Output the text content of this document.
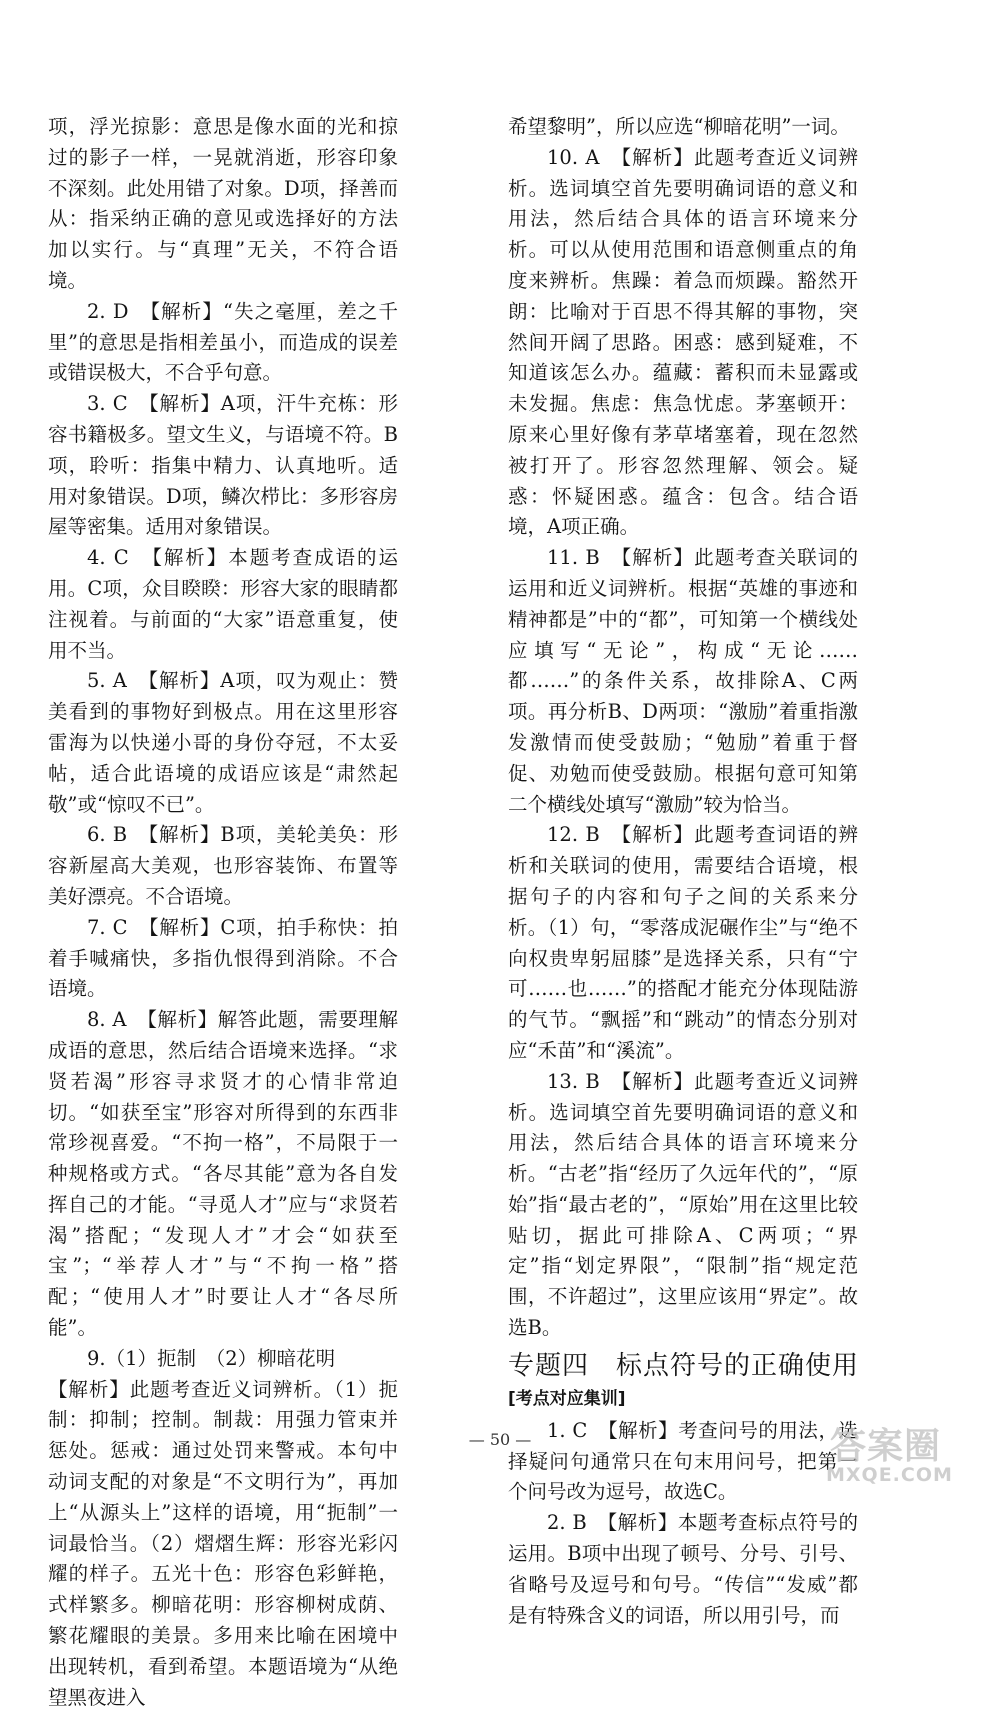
项，浮光掠影：意思是像水面的光和掠过的影子一样，一晃就消逝，形容印象不深刻。此处用错了对象。D项，择善而从：指采纳正确的意见或选择好的方法加以实行。与“真理”无关，不符合语境。

2. D　【解析】“失之毫厘，差之千里”的意思是指相差虽小，而造成的误差或错误极大，不合乎句意。

3. C　【解析】A项，汗牛充栋：形容书籍极多。望文生义，与语境不符。B项，聆听：指集中精力、认真地听。适用对象错误。D项，鳞次栉比：多形容房屋等密集。适用对象错误。

4. C　【解析】本题考查成语的运用。C项，众目睽睽：形容大家的眼睛都注视着。与前面的“大家”语意重复，使用不当。

5. A　【解析】A项，叹为观止：赞美看到的事物好到极点。用在这里形容雷海为以快递小哥的身份夺冠，不太妥帖，适合此语境的成语应该是“肃然起敬”或“惊叹不已”。

6. B　【解析】B项，美轮美奂：形容新屋高大美观，也形容装饰、布置等美好漂亮。不合语境。

7. C　【解析】C项，拍手称快：拍着手喊痛快，多指仇恨得到消除。不合语境。

8. A　【解析】解答此题，需要理解成语的意思，然后结合语境来选择。“求贤若渴”形容寻求贤才的心情非常迫切。“如获至宝”形容对所得到的东西非常珍视喜爱。“不拘一格”，不局限于一种规格或方式。“各尽其能”意为各自发挥自己的才能。“寻觅人才”应与“求贤若渴”搭配；“发现人才”才会“如获至宝”；“举荐人才”与“不拘一格”搭配；“使用人才”时要让人才“各尽所能”。

9.（1）扼制　（2）柳暗花明

【解析】此题考查近义词辨析。（1）扼制：抑制；控制。制裁：用强力管束并惩处。惩戒：通过处罚来警戒。本句中动词支配的对象是“不文明行为”，再加上“从源头上”这样的语境，用“扼制”一词最恰当。（2）熠熠生辉：形容光彩闪耀的样子。五光十色：形容色彩鲜艳，式样繁多。柳暗花明：形容柳树成荫、繁花耀眼的美景。多用来比喻在困境中出现转机，看到希望。本题语境为“从绝望黑夜进入

希望黎明”，所以应选“柳暗花明”一词。

10. A　【解析】此题考查近义词辨析。选词填空首先要明确词语的意义和用法，然后结合具体的语言环境来分析。可以从使用范围和语意侧重点的角度来辨析。焦躁：着急而烦躁。豁然开朗：比喻对于百思不得其解的事物，突然间开阔了思路。困惑：感到疑难，不知道该怎么办。蕴藏：蓄积而未显露或未发掘。焦虑：焦急忧虑。茅塞顿开：原来心里好像有茅草堵塞着，现在忽然被打开了。形容忽然理解、领会。疑惑：怀疑困惑。蕴含：包含。结合语境，A项正确。

11. B　【解析】此题考查关联词的运用和近义词辨析。根据“英雄的事迹和精神都是”中的“都”，可知第一个横线处应填写“无论”，构成“无论……都……”的条件关系，故排除A、C两项。再分析B、D两项：“激励”着重指激发激情而使受鼓励；“勉励”着重于督促、劝勉而使受鼓励。根据句意可知第二个横线处填写“激励”较为恰当。

12. B　【解析】此题考查词语的辨析和关联词的使用，需要结合语境，根据句子的内容和句子之间的关系来分析。（1）句，“零落成泥碾作尘”与“绝不向权贵卑躬屈膝”是选择关系，只有“宁可……也……”的搭配才能充分体现陆游的气节。“飘摇”和“跳动”的情态分别对应“禾苗”和“溪流”。

13. B　【解析】此题考查近义词辨析。选词填空首先要明确词语的意义和用法，然后结合具体的语言环境来分析。“古老”指“经历了久远年代的”，“原始”指“最古老的”，“原始”用在这里比较贴切，据此可排除A、C两项；“界定”指“划定界限”，“限制”指“规定范围，不许超过”，这里应该用“界定”。故选B。

专题四　标点符号的正确使用
[考点对应集训]

1. C　【解析】考查问号的用法，选择疑问句通常只在句末用问号，把第一个问号改为逗号，故选C。

2. B　【解析】本题考查标点符号的运用。B项中出现了顿号、分号、引号、省略号及逗号和句号。“传信”“发威”都是有特殊含义的词语，所以用引号，而

— 50 —	答案圈
MXQE.COM
